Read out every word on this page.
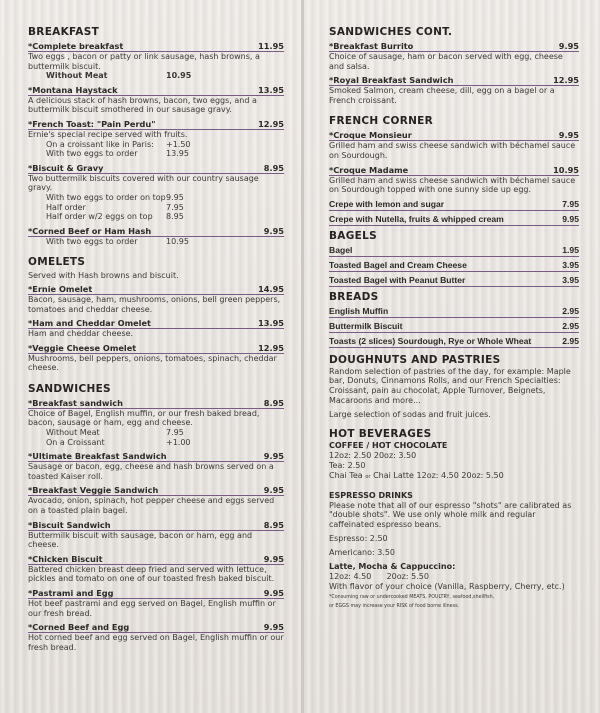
BREAKFAST
*Complete breakfast	11.95
Two eggs , bacon or patty or link sausage, hash browns, a buttermilk biscuit.
Without Meat	10.95
*Montana Haystack	13.95
A delicious stack of hash browns, bacon, two eggs, and a buttermilk biscuit smothered in our sausage gravy.
*French Toast: "Pain Perdu"	12.95
Ernie's special recipe served with fruits.
On a croissant like in Paris:	+1.50
With two eggs to order	13.95
*Biscuit & Gravy	8.95
Two buttermilk biscuits covered with our country sausage gravy.
With two eggs to order on top 9.95
Half order	7.95
Half order w/2 eggs on top	8.95
*Corned Beef or Ham Hash	9.95
With two eggs to order	10.95
OMELETS
Served with Hash browns and biscuit.
*Ernie Omelet	14.95
Bacon, sausage, ham, mushrooms, onions, bell green peppers, tomatoes and cheddar cheese.
*Ham and Cheddar Omelet	13.95
Ham and cheddar cheese.
*Veggie Cheese Omelet	12.95
Mushrooms, bell peppers, onions, tomatoes, spinach, cheddar cheese.
SANDWICHES
*Breakfast sandwich	8.95
Choice of Bagel, English muffin, or our fresh baked bread, bacon, sausage or ham, egg and cheese.
Without Meat	7.95
On a Croissant	+1.00
*Ultimate Breakfast Sandwich	9.95
Sausage or bacon, egg, cheese and hash browns served on a toasted Kaiser roll.
*Breakfast Veggie Sandwich	9.95
Avocado, onion, spinach, hot pepper cheese and eggs served on a toasted plain bagel.
*Biscuit Sandwich	8.95
Buttermilk biscuit with sausage, bacon or ham, egg and cheese.
*Chicken Biscuit	9.95
Battered chicken breast deep fried and served with lettuce, pickles and tomato on one of our toasted fresh baked biscuit.
*Pastrami and Egg	9.95
Hot beef pastrami and egg served on Bagel, English muffin or our fresh bread.
*Corned Beef and Egg	9.95
Hot corned beef and egg served on Bagel, English muffin or our fresh bread.
SANDWICHES CONT.
*Breakfast Burrito	9.95
Choice of sausage, ham or bacon served with egg, cheese and salsa.
*Royal Breakfast Sandwich	12.95
Smoked Salmon, cream cheese, dill, egg on a bagel or a French croissant.
FRENCH CORNER
*Croque Monsieur	9.95
Grilled ham and swiss cheese sandwich with béchamel sauce on Sourdough.
*Croque Madame	10.95
Grilled ham and swiss cheese sandwich with béchamel sauce on Sourdough topped with one sunny side up egg.
Crepe with lemon and sugar	7.95
Crepe with Nutella, fruits & whipped cream	9.95
BAGELS
Bagel	1.95
Toasted Bagel and Cream Cheese	3.95
Toasted Bagel with Peanut Butter	3.95
BREADS
English Muffin	2.95
Buttermilk Biscuit	2.95
Toasts (2 slices) Sourdough, Rye or Whole Wheat	2.95
DOUGHNUTS AND PASTRIES
Random selection of pastries of the day, for example: Maple bar, Donuts, Cinnamons Rolls, and our French Specialties: Croissant, pain au chocolat, Apple Turnover, Beignets, Macaroons and more...
Large selection of sodas and fruit juices.
HOT BEVERAGES
COFFEE / HOT CHOCOLATE
12oz: 2.50 20oz: 3.50
Tea: 2.50
Chai Tea or Chai Latte 12oz: 4.50 20oz: 5.50
ESPRESSO DRINKS
Please note that all of our espresso "shots" are calibrated as "double shots". We use only whole milk and regular caffeinated espresso beans.
Espresso: 2.50
Americano: 3.50
Latte, Mocha & Cappuccino:
12oz: 4.50      20oz: 5.50
With flavor of your choice (Vanilla, Raspberry, Cherry, etc.)
*Consuming raw or undercooked MEATS, POULTRY, seafood,shellfish,
or EGGS may increase your RISK of food borne illness.
